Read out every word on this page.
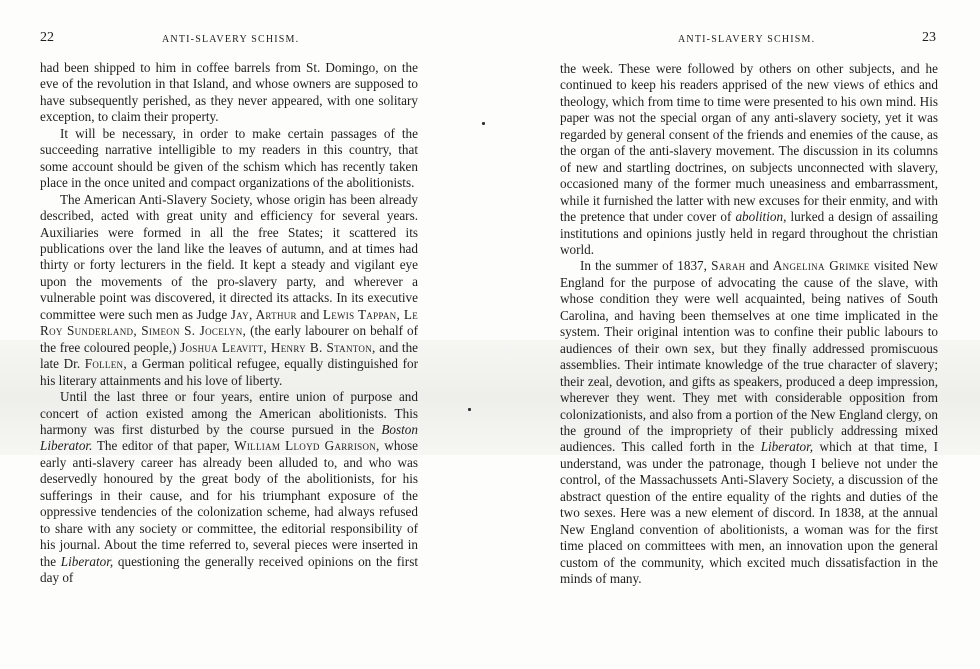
22	ANTI-SLAVERY SCHISM.

had been shipped to him in coffee barrels from St. Domingo, on the eve of the revolution in that Island, and whose owners are supposed to have subsequently perished, as they never appeared, with one solitary exception, to claim their property.

It will be necessary, in order to make certain passages of the succeeding narrative intelligible to my readers in this country, that some account should be given of the schism which has recently taken place in the once united and compact organizations of the abolitionists.

The American Anti-Slavery Society, whose origin has been already described, acted with great unity and efficiency for several years. Auxiliaries were formed in all the free States; it scattered its publications over the land like the leaves of autumn, and at times had thirty or forty lecturers in the field. It kept a steady and vigilant eye upon the movements of the pro-slavery party, and wherever a vulnerable point was discovered, it directed its attacks. In its executive committee were such men as Judge Jay, Arthur and Lewis Tappan, Le Roy Sunderland, Simeon S. Jocelyn, (the early labourer on behalf of the free coloured people,) Joshua Leavitt, Henry B. Stanton, and the late Dr. Follen, a German political refugee, equally distinguished for his literary attainments and his love of liberty.

Until the last three or four years, entire union of purpose and concert of action existed among the American abolitionists. This harmony was first disturbed by the course pursued in the Boston Liberator. The editor of that paper, William Lloyd Garrison, whose early anti-slavery career has already been alluded to, and who was deservedly honoured by the great body of the abolitionists, for his sufferings in their cause, and for his triumphant exposure of the oppressive tendencies of the colonization scheme, had always refused to share with any society or committee, the editorial responsibility of his journal. About the time referred to, several pieces were inserted in the Liberator, questioning the generally received opinions on the first day of

ANTI-SLAVERY SCHISM.	23

the week. These were followed by others on other subjects, and he continued to keep his readers apprised of the new views of ethics and theology, which from time to time were presented to his own mind. His paper was not the special organ of any anti-slavery society, yet it was regarded by general consent of the friends and enemies of the cause, as the organ of the anti-slavery movement. The discussion in its columns of new and startling doctrines, on subjects unconnected with slavery, occasioned many of the former much uneasiness and embarrassment, while it furnished the latter with new excuses for their enmity, and with the pretence that under cover of abolition, lurked a design of assailing institutions and opinions justly held in regard throughout the christian world.

In the summer of 1837, Sarah and Angelina Grimke visited New England for the purpose of advocating the cause of the slave, with whose condition they were well acquainted, being natives of South Carolina, and having been themselves at one time implicated in the system. Their original intention was to confine their public labours to audiences of their own sex, but they finally addressed promiscuous assemblies. Their intimate knowledge of the true character of slavery; their zeal, devotion, and gifts as speakers, produced a deep impression, wherever they went. They met with considerable opposition from colonizationists, and also from a portion of the New England clergy, on the ground of the impropriety of their publicly addressing mixed audiences. This called forth in the Liberator, which at that time, I understand, was under the patronage, though I believe not under the control, of the Massachussets Anti-Slavery Society, a discussion of the abstract question of the entire equality of the rights and duties of the two sexes. Here was a new element of discord. In 1838, at the annual New England convention of abolitionists, a woman was for the first time placed on committees with men, an innovation upon the general custom of the community, which excited much dissatisfaction in the minds of many.
